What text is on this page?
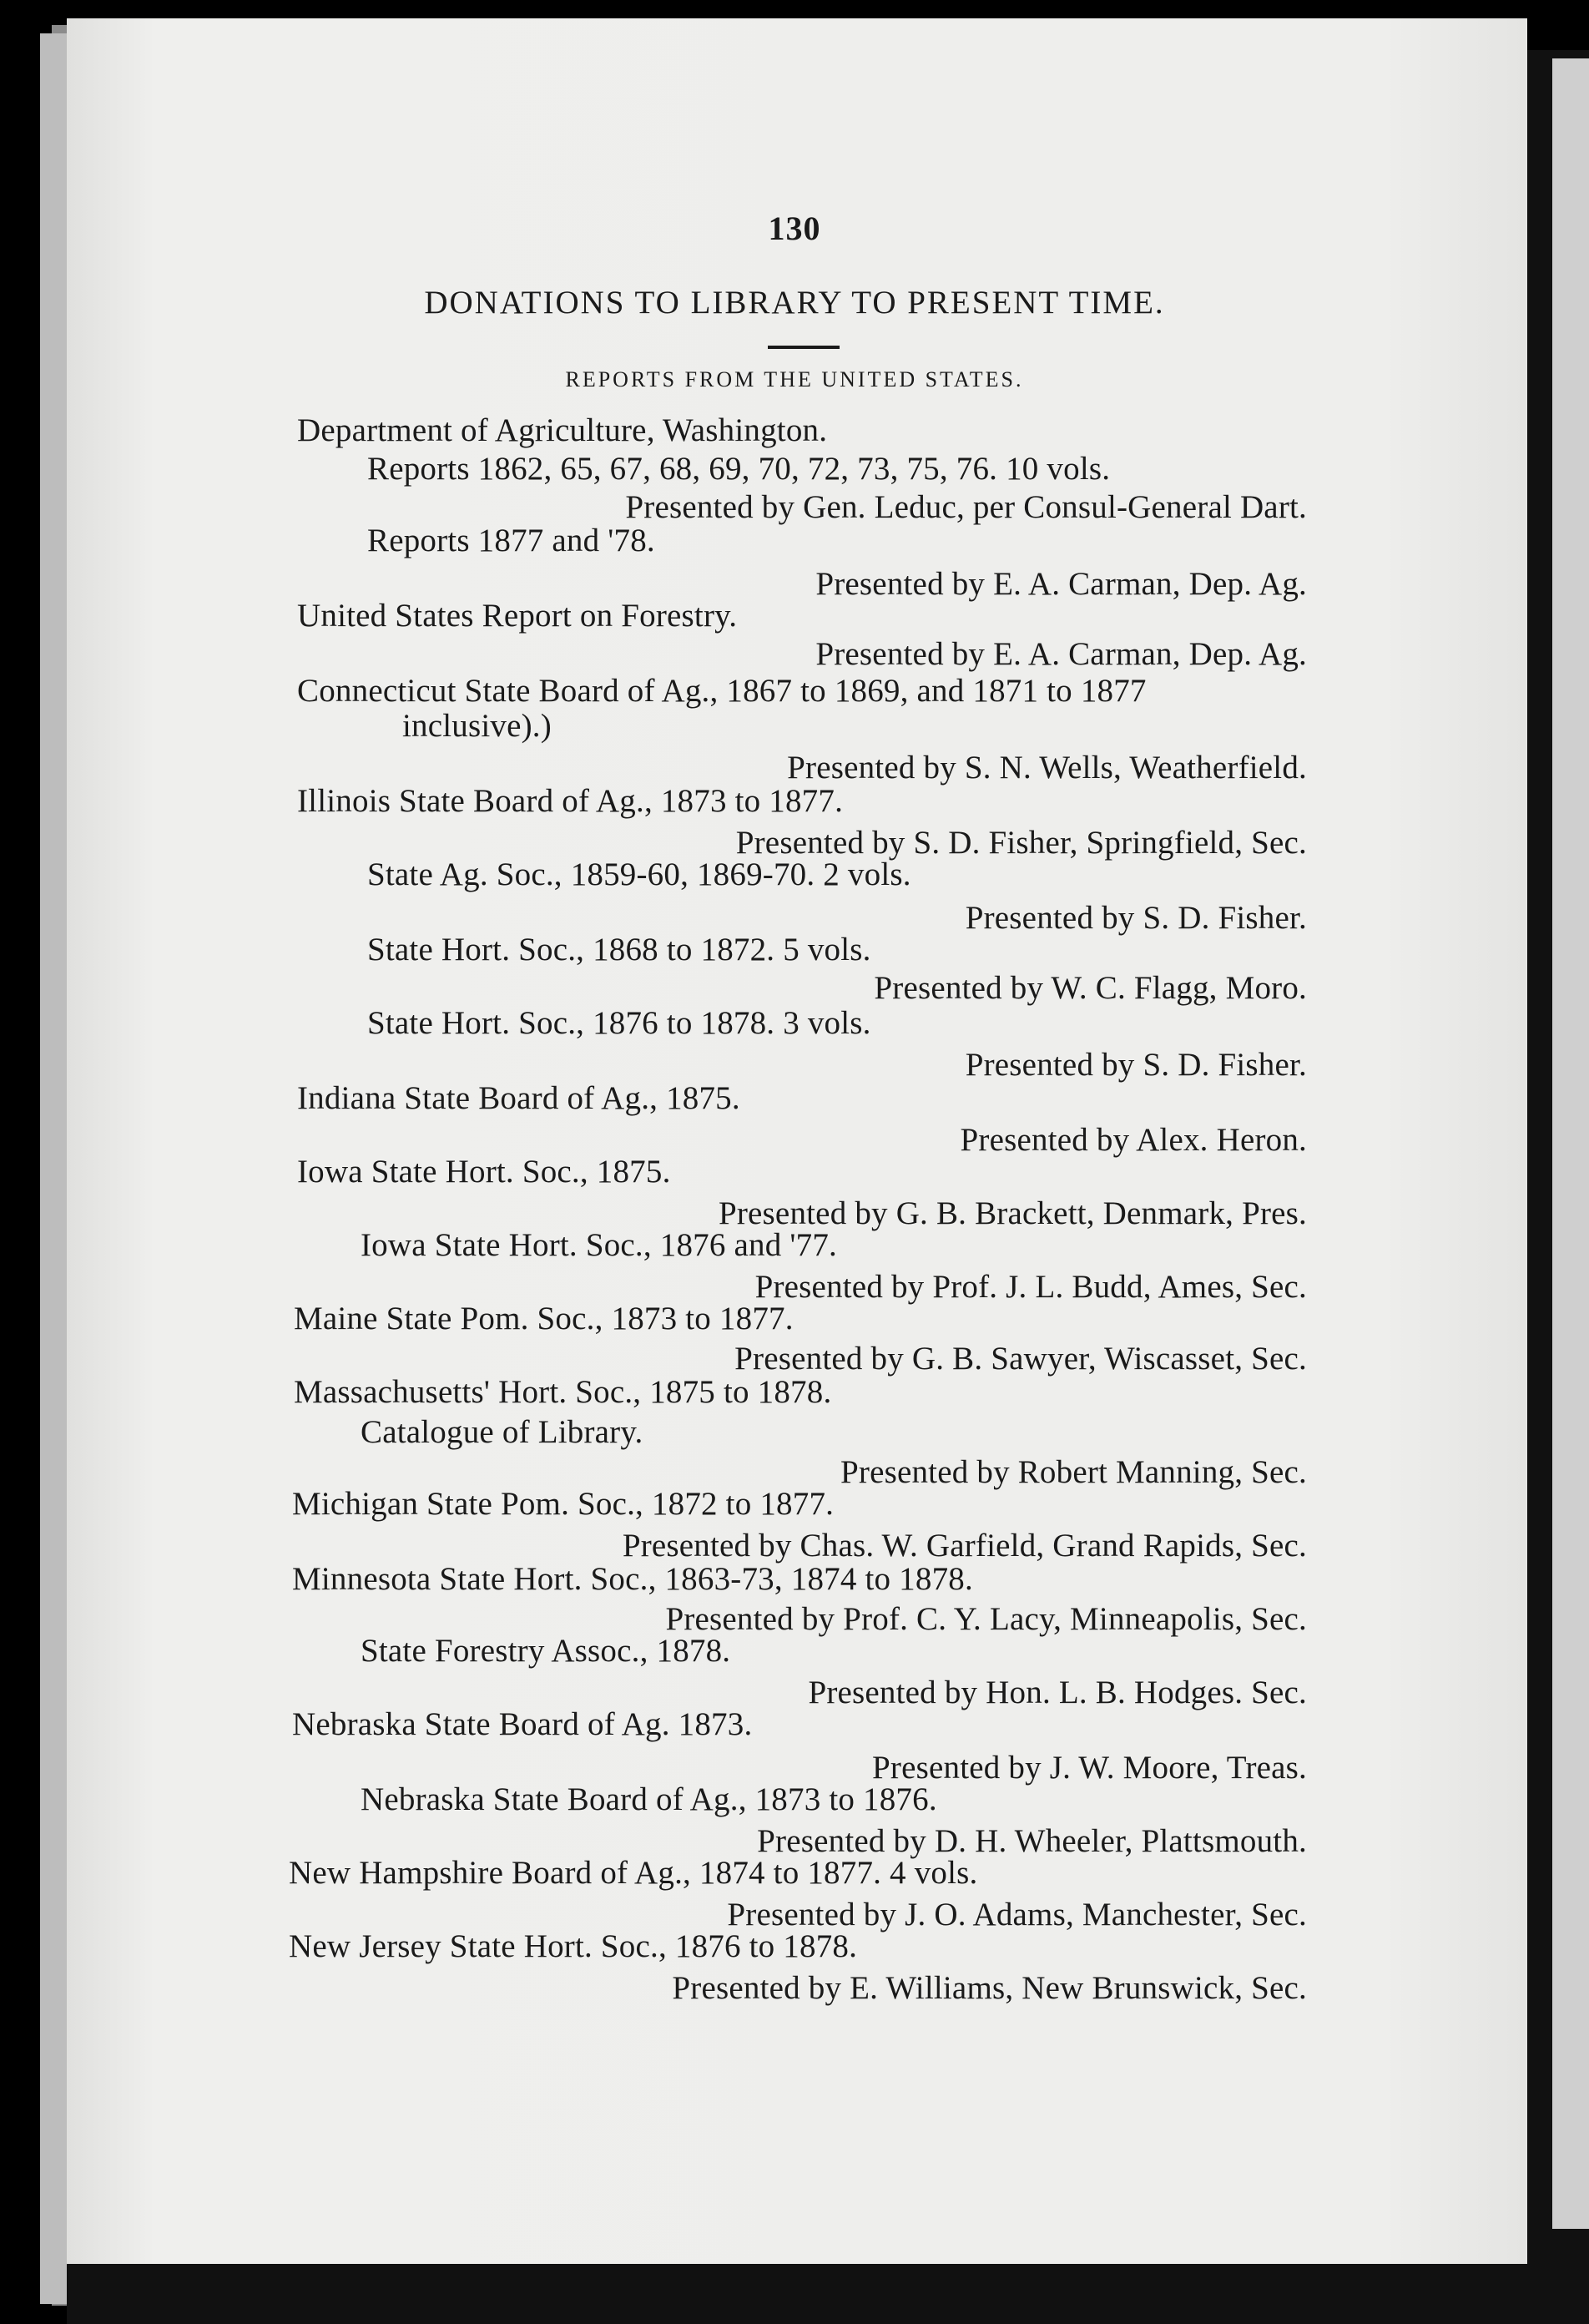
130
DONATIONS TO LIBRARY TO PRESENT TIME.
REPORTS FROM THE UNITED STATES.
Department of Agriculture, Washington.
Reports 1862, 65, 67, 68, 69, 70, 72, 73, 75, 76. 10 vols.
Presented by Gen. Leduc, per Consul-General Dart.
Reports 1877 and '78.
Presented by E. A. Carman, Dep. Ag.
United States Report on Forestry.
Presented by E. A. Carman, Dep. Ag.
Connecticut State Board of Ag., 1867 to 1869, and 1871 to 1877
inclusive).)
Presented by S. N. Wells, Weatherfield.
Illinois State Board of Ag., 1873 to 1877.
Presented by S. D. Fisher, Springfield, Sec.
State Ag. Soc., 1859-60, 1869-70. 2 vols.
Presented by S. D. Fisher.
State Hort. Soc., 1868 to 1872. 5 vols.
Presented by W. C. Flagg, Moro.
State Hort. Soc., 1876 to 1878. 3 vols.
Presented by S. D. Fisher.
Indiana State Board of Ag., 1875.
Presented by Alex. Heron.
Iowa State Hort. Soc., 1875.
Presented by G. B. Brackett, Denmark, Pres.
Iowa State Hort. Soc., 1876 and '77.
Presented by Prof. J. L. Budd, Ames, Sec.
Maine State Pom. Soc., 1873 to 1877.
Presented by G. B. Sawyer, Wiscasset, Sec.
Massachusetts' Hort. Soc., 1875 to 1878.
Catalogue of Library.
Presented by Robert Manning, Sec.
Michigan State Pom. Soc., 1872 to 1877.
Presented by Chas. W. Garfield, Grand Rapids, Sec.
Minnesota State Hort. Soc., 1863-73, 1874 to 1878.
Presented by Prof. C. Y. Lacy, Minneapolis, Sec.
State Forestry Assoc., 1878.
Presented by Hon. L. B. Hodges. Sec.
Nebraska State Board of Ag. 1873.
Presented by J. W. Moore, Treas.
Nebraska State Board of Ag., 1873 to 1876.
Presented by D. H. Wheeler, Plattsmouth.
New Hampshire Board of Ag., 1874 to 1877. 4 vols.
Presented by J. O. Adams, Manchester, Sec.
New Jersey State Hort. Soc., 1876 to 1878.
Presented by E. Williams, New Brunswick, Sec.
